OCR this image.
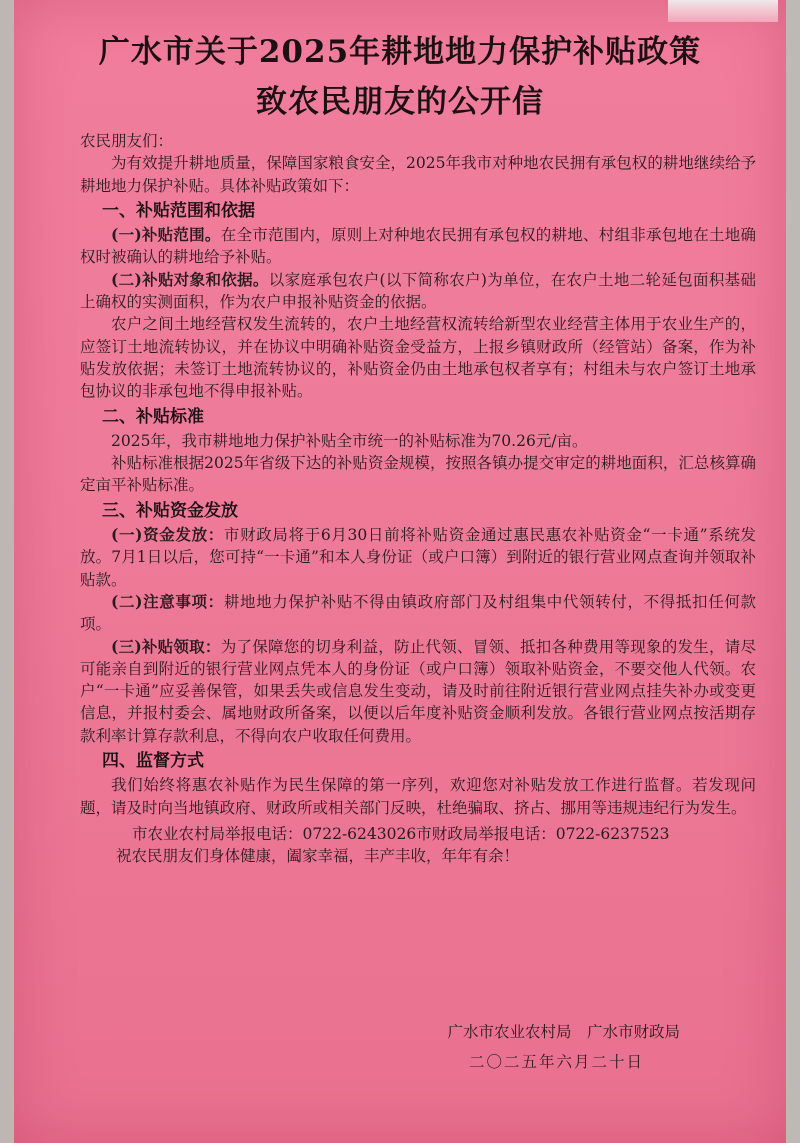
广水市关于2025年耕地地力保护补贴政策
致农民朋友的公开信

农民朋友们：

为有效提升耕地质量，保障国家粮食安全，2025年我市对种地农民拥有承包权的耕地继续给予耕地地力保护补贴。具体补贴政策如下：

一、补贴范围和依据

(一)补贴范围。在全市范围内，原则上对种地农民拥有承包权的耕地、村组非承包地在土地确权时被确认的耕地给予补贴。

(二)补贴对象和依据。以家庭承包农户(以下简称农户)为单位，在农户土地二轮延包面积基础上确权的实测面积，作为农户申报补贴资金的依据。

农户之间土地经营权发生流转的，农户土地经营权流转给新型农业经营主体用于农业生产的，应签订土地流转协议，并在协议中明确补贴资金受益方，上报乡镇财政所（经管站）备案，作为补贴发放依据；未签订土地流转协议的，补贴资金仍由土地承包权者享有；村组未与农户签订土地承包协议的非承包地不得申报补贴。

二、补贴标准

2025年，我市耕地地力保护补贴全市统一的补贴标准为70.26元/亩。

补贴标准根据2025年省级下达的补贴资金规模，按照各镇办提交审定的耕地面积，汇总核算确定亩平补贴标准。

三、补贴资金发放

(一)资金发放：市财政局将于6月30日前将补贴资金通过惠民惠农补贴资金“一卡通”系统发放。7月1日以后，您可持“一卡通”和本人身份证（或户口簿）到附近的银行营业网点查询并领取补贴款。

(二)注意事项：耕地地力保护补贴不得由镇政府部门及村组集中代领转付，不得抵扣任何款项。

(三)补贴领取：为了保障您的切身利益，防止代领、冒领、抵扣各种费用等现象的发生，请尽可能亲自到附近的银行营业网点凭本人的身份证（或户口簿）领取补贴资金，不要交他人代领。农户“一卡通”应妥善保管，如果丢失或信息发生变动，请及时前往附近银行营业网点挂失补办或变更信息，并报村委会、属地财政所备案，以便以后年度补贴资金顺利发放。各银行营业网点按活期存款利率计算存款利息，不得向农户收取任何费用。

四、监督方式

我们始终将惠农补贴作为民生保障的第一序列，欢迎您对补贴发放工作进行监督。若发现问题，请及时向当地镇政府、财政所或相关部门反映，杜绝骗取、挤占、挪用等违规违纪行为发生。

市农业农村局举报电话：0722-6243026市财政局举报电话：0722-6237523

祝农民朋友们身体健康，阖家幸福，丰产丰收，年年有余！

广水市农业农村局　广水市财政局
二〇二五年六月二十日
